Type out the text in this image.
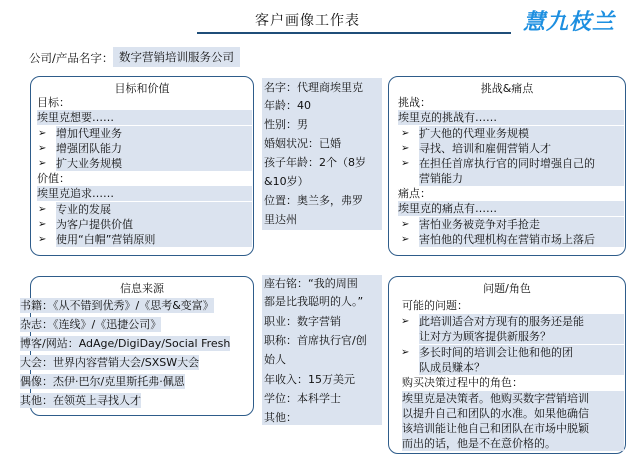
客户画像工作表	慧九枝兰
公司/产品名字： 数字营销培训服务公司
目标和价值
目标：
埃里克想要……
➢ 增加代理业务
➢ 增强团队能力
➢ 扩大业务规模
价值：
埃里克追求……
➢ 专业的发展
➢ 为客户提供价值
➢ 使用“白帽”营销原则
名字：代理商埃里克
年龄：40
性别：男
婚姻状况：已婚
孩子年龄：2个（8岁
&10岁）
位置：奥兰多，弗罗
里达州
挑战&痛点
挑战：
埃里克的挑战有……
➢ 扩大他的代理业务规模
➢ 寻找、培训和雇佣营销人才
➢ 在担任首席执行官的同时增强自己的
营销能力
痛点：
埃里克的痛点有……
➢ 害怕业务被竞争对手抢走
➢ 害怕他的代理机构在营销市场上落后
信息来源
书籍：《从不错到优秀》/《思考&变富》
杂志：《连线》/《迅捷公司》
博客/网站：AdAge/DigiDay/Social Fresh
大会：世界内容营销大会/SXSW大会
偶像：杰伊·巴尔/克里斯托弗·佩恩
其他：在领英上寻找人才
座右铭：“我的周围
都是比我聪明的人。”
职业：数字营销
职称：首席执行官/创
始人
年收入：15万美元
学位：本科学士
其他：
问题/角色
可能的问题：
➢ 此培训适合对方现有的服务还是能
让对方为顾客提供新服务？
➢ 多长时间的培训会让他和他的团
队成员赚本？
购买决策过程中的角色：
埃里克是决策者。他购买数字营销培训
以提升自己和团队的水准。如果他确信
该培训能让他自己和团队在市场中脱颖
而出的话，他是不在意价格的。
